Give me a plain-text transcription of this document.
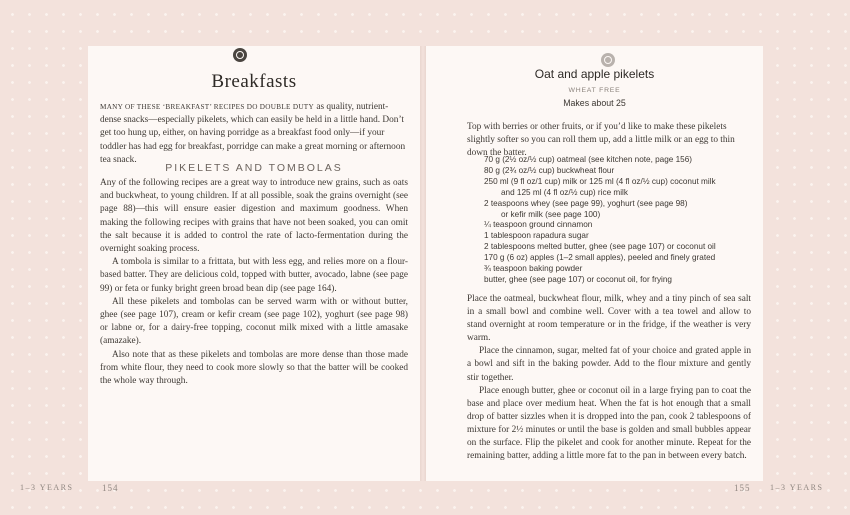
Breakfasts
MANY OF THESE ‘BREAKFAST’ RECIPES DO DOUBLE DUTY as quality, nutrient-dense snacks—especially pikelets, which can easily be held in a little hand. Don’t get too hung up, either, on having porridge as a breakfast food only—if your toddler has had egg for breakfast, porridge can make a great morning or afternoon tea snack.
PIKELETS AND TOMBOLAS

Any of the following recipes are a great way to introduce new grains, such as oats and buckwheat, to young children. If at all possible, soak the grains overnight (see page 88)—this will ensure easier digestion and maximum goodness. When making the following recipes with grains that have not been soaked, you can omit the salt because it is added to control the rate of lacto-fermentation during the overnight soaking process.

A tombola is similar to a frittata, but with less egg, and relies more on a flour-based batter. They are delicious cold, topped with butter, avocado, labne (see page 99) or feta or funky bright green broad bean dip (see page 164).

All these pikelets and tombolas can be served warm with or without butter, ghee (see page 107), cream or kefir cream (see page 102), yoghurt (see page 98) or labne or, for a dairy-free topping, coconut milk mixed with a little amasake (amazake).

Also note that as these pikelets and tombolas are more dense than those made from white flour, they need to cook more slowly so that the batter will be cooked the whole way through.

Oat and apple pikelets
WHEAT FREE
Makes about 25

Top with berries or other fruits, or if you’d like to make these pikelets slightly softer so you can roll them up, add a little milk or an egg to thin down the batter.

70 g (2½ oz/½ cup) oatmeal (see kitchen note, page 156)
80 g (2¾ oz/½ cup) buckwheat flour
250 ml (9 fl oz/1 cup) milk or 125 ml (4 fl oz/½ cup) coconut milk
and 125 ml (4 fl oz/½ cup) rice milk
2 teaspoons whey (see page 99), yoghurt (see page 98)
or kefir milk (see page 100)
¼ teaspoon ground cinnamon
1 tablespoon rapadura sugar
2 tablespoons melted butter, ghee (see page 107) or coconut oil
170 g (6 oz) apples (1–2 small apples), peeled and finely grated
¾ teaspoon baking powder
butter, ghee (see page 107) or coconut oil, for frying

Place the oatmeal, buckwheat flour, milk, whey and a tiny pinch of sea salt in a small bowl and combine well. Cover with a tea towel and allow to stand overnight at room temperature or in the fridge, if the weather is very warm.

Place the cinnamon, sugar, melted fat of your choice and grated apple in a bowl and sift in the baking powder. Add to the flour mixture and gently stir together.

Place enough butter, ghee or coconut oil in a large frying pan to coat the base and place over medium heat. When the fat is hot enough that a small drop of batter sizzles when it is dropped into the pan, cook 2 tablespoons of mixture for 2½ minutes or until the base is golden and small bubbles appear on the surface. Flip the pikelet and cook for another minute. Repeat for the remaining batter, adding a little more fat to the pan in between every batch.

1–3 YEARS	154	155 1–3 YEARS
